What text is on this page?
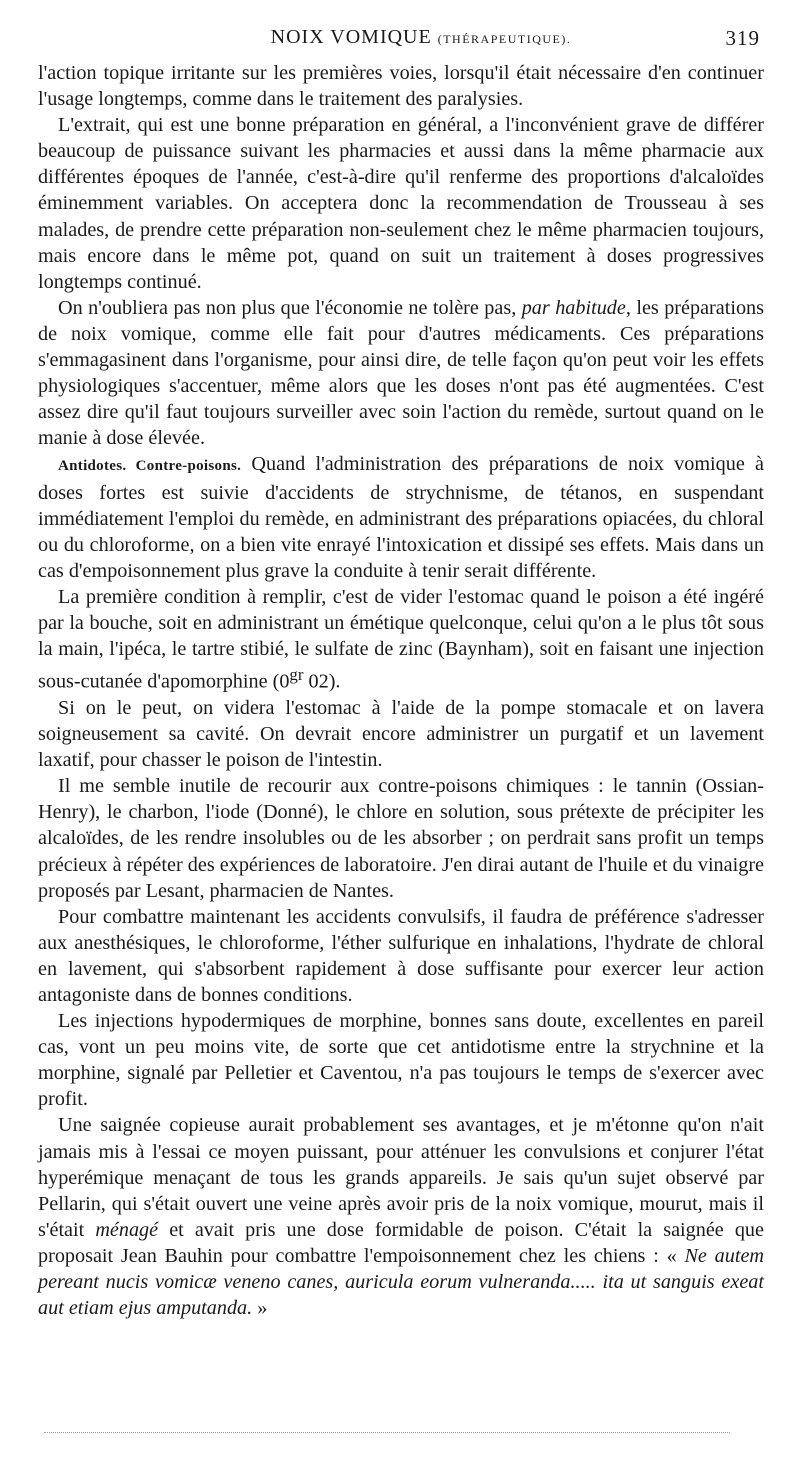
NOIX VOMIQUE (THÉRAPEUTIQUE).	319

l'action topique irritante sur les premières voies, lorsqu'il était nécessaire d'en continuer l'usage longtemps, comme dans le traitement des paralysies.

L'extrait, qui est une bonne préparation en général, a l'inconvénient grave de différer beaucoup de puissance suivant les pharmacies et aussi dans la même pharmacie aux différentes époques de l'année, c'est-à-dire qu'il renferme des proportions d'alcaloïdes éminemment variables. On acceptera donc la recommendation de Trousseau à ses malades, de prendre cette préparation non-seulement chez le même pharmacien toujours, mais encore dans le même pot, quand on suit un traitement à doses progressives longtemps continué.

On n'oubliera pas non plus que l'économie ne tolère pas, par habitude, les préparations de noix vomique, comme elle fait pour d'autres médicaments. Ces préparations s'emmagasinent dans l'organisme, pour ainsi dire, de telle façon qu'on peut voir les effets physiologiques s'accentuer, même alors que les doses n'ont pas été augmentées. C'est assez dire qu'il faut toujours surveiller avec soin l'action du remède, surtout quand on le manie à dose élevée.

Antidotes. Contre-poisons. Quand l'administration des préparations de noix vomique à doses fortes est suivie d'accidents de strychnisme, de tétanos, en suspendant immédiatement l'emploi du remède, en administrant des préparations opiacées, du chloral ou du chloroforme, on a bien vite enrayé l'intoxication et dissipé ses effets. Mais dans un cas d'empoisonnement plus grave la conduite à tenir serait différente.

La première condition à remplir, c'est de vider l'estomac quand le poison a été ingéré par la bouche, soit en administrant un émétique quelconque, celui qu'on a le plus tôt sous la main, l'ipéca, le tartre stibié, le sulfate de zinc (Baynham), soit en faisant une injection sous-cutanée d'apomorphine ($0^{gr}$ 02).

Si on le peut, on videra l'estomac à l'aide de la pompe stomacale et on lavera soigneusement sa cavité. On devrait encore administrer un purgatif et un lavement laxatif, pour chasser le poison de l'intestin.

Il me semble inutile de recourir aux contre-poisons chimiques : le tannin (Ossian-Henry), le charbon, l'iode (Donné), le chlore en solution, sous prétexte de précipiter les alcaloïdes, de les rendre insolubles ou de les absorber ; on perdrait sans profit un temps précieux à répéter des expériences de laboratoire. J'en dirai autant de l'huile et du vinaigre proposés par Lesant, pharmacien de Nantes.

Pour combattre maintenant les accidents convulsifs, il faudra de préférence s'adresser aux anesthésiques, le chloroforme, l'éther sulfurique en inhalations, l'hydrate de chloral en lavement, qui s'absorbent rapidement à dose suffisante pour exercer leur action antagoniste dans de bonnes conditions.

Les injections hypodermiques de morphine, bonnes sans doute, excellentes en pareil cas, vont un peu moins vite, de sorte que cet antidotisme entre la strychnine et la morphine, signalé par Pelletier et Caventou, n'a pas toujours le temps de s'exercer avec profit.

Une saignée copieuse aurait probablement ses avantages, et je m'étonne qu'on n'ait jamais mis à l'essai ce moyen puissant, pour atténuer les convulsions et conjurer l'état hyperémique menaçant de tous les grands appareils. Je sais qu'un sujet observé par Pellarin, qui s'était ouvert une veine après avoir pris de la noix vomique, mourut, mais il s'était ménagé et avait pris une dose formidable de poison. C'était la saignée que proposait Jean Bauhin pour combattre l'empoisonnement chez les chiens : « Ne autem pereant nucis vomicæ veneno canes, auricula eorum vulneranda..... ita ut sanguis exeat aut etiam ejus amputanda. »
